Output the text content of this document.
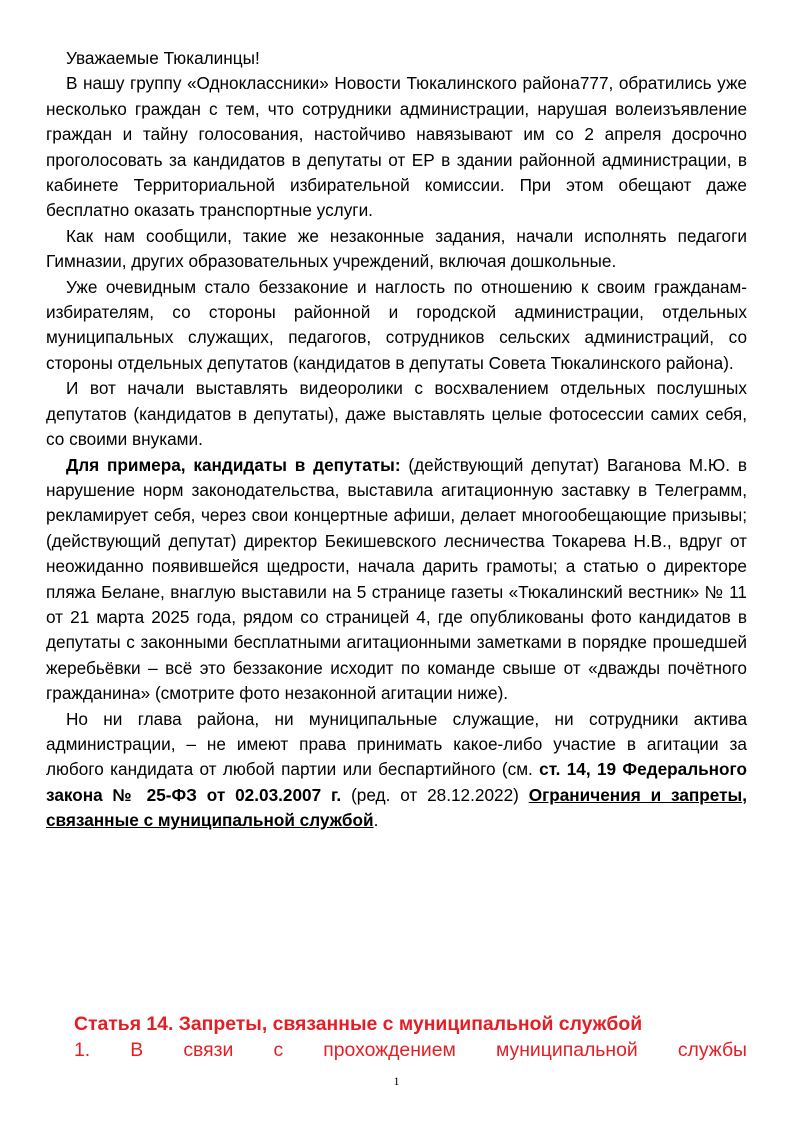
Уважаемые Тюкалинцы!

В нашу группу «Одноклассники» Новости Тюкалинского района777, обратились уже несколько граждан с тем, что сотрудники администрации, нарушая волеизъявление граждан и тайну голосования, настойчиво навязывают им со 2 апреля досрочно проголосовать за кандидатов в депутаты от ЕР в здании районной администрации, в кабинете Территориальной избирательной комиссии. При этом обещают даже бесплатно оказать транспортные услуги.

Как нам сообщили, такие же незаконные задания, начали исполнять педагоги Гимназии, других образовательных учреждений, включая дошкольные.

Уже очевидным стало беззаконие и наглость по отношению к своим гражданам-избирателям, со стороны районной и городской администрации, отдельных муниципальных служащих, педагогов, сотрудников сельских администраций, со стороны отдельных депутатов (кандидатов в депутаты Совета Тюкалинского района).

И вот начали выставлять видеоролики с восхвалением отдельных послушных депутатов (кандидатов в депутаты), даже выставлять целые фотосессии самих себя, со своими внуками.

Для примера, кандидаты в депутаты: (действующий депутат) Ваганова М.Ю. в нарушение норм законодательства, выставила агитационную заставку в Телеграмм, рекламирует себя, через свои концертные афиши, делает многообещающие призывы; (действующий депутат) директор Бекишевского лесничества Токарева Н.В., вдруг от неожиданно появившейся щедрости, начала дарить грамоты; а статью о директоре пляжа Белане, внаглую выставили на 5 странице газеты «Тюкалинский вестник» № 11 от 21 марта 2025 года, рядом со страницей 4, где опубликованы фото кандидатов в депутаты с законными бесплатными агитационными заметками в порядке прошедшей жеребьёвки – всё это беззаконие исходит по команде свыше от «дважды почётного гражданина» (смотрите фото незаконной агитации ниже).

Но ни глава района, ни муниципальные служащие, ни сотрудники актива администрации, – не имеют права принимать какое-либо участие в агитации за любого кандидата от любой партии или беспартийного (см. ст. 14, 19 Федерального закона № 25-ФЗ от 02.03.2007 г. (ред. от 28.12.2022) Ограничения и запреты, связанные с муниципальной службой.

Статья 14. Запреты, связанные с муниципальной службой

1. В связи с прохождением муниципальной службы

1
